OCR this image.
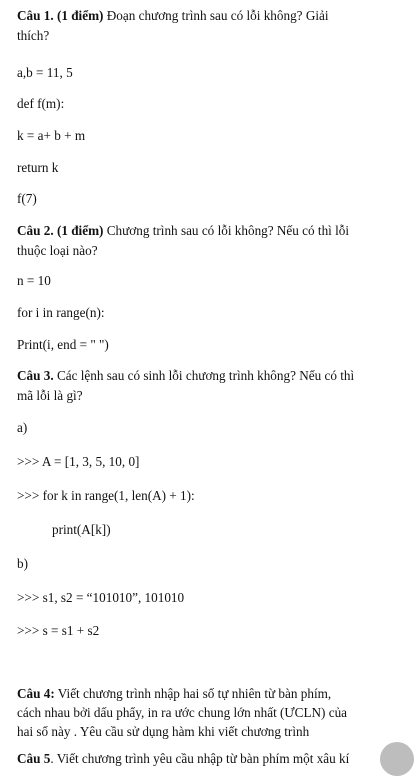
Câu 1. (1 điểm) Đoạn chương trình sau có lỗi không? Giải
thích?

a,b = 11, 5

def f(m):

k = a+ b + m

return k

f(7)

Câu 2. (1 điểm) Chương trình sau có lỗi không? Nếu có thì lỗi
thuộc loại nào?

n = 10

for i in range(n):

Print(i, end = " ")

Câu 3. Các lệnh sau có sinh lỗi chương trình không? Nếu có thì
mã lỗi là gì?

a)

>>> A = [1, 3, 5, 10, 0]

>>> for k in range(1, len(A) + 1):

print(A[k])

b)

>>> s1, s2 = “101010”, 101010

>>> s = s1 + s2

Câu 4: Viết chương trình nhập hai số tự nhiên từ bàn phím,
cách nhau bởi dấu phẩy, in ra ước chung lớn nhất (ƯCLN) của
hai số này . Yêu cầu sử dụng hàm khi viết chương trình
Câu 5. Viết chương trình yêu cầu nhập từ bàn phím một xâu kí
